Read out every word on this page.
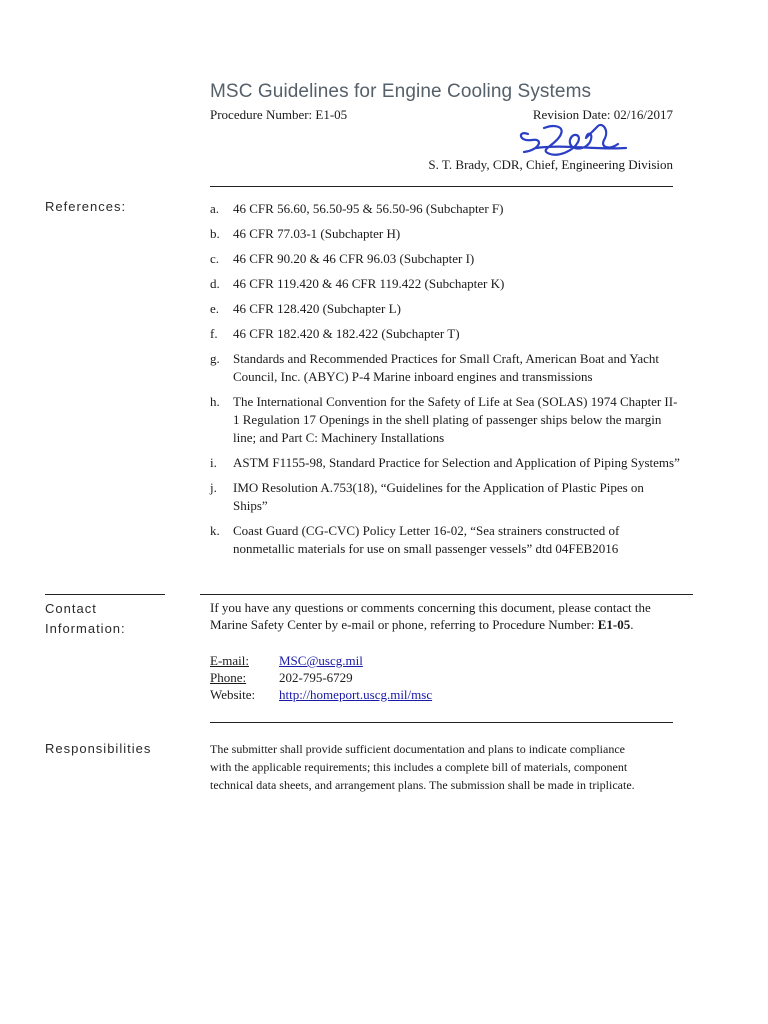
MSC Guidelines for Engine Cooling Systems
Procedure Number: E1-05	Revision Date: 02/16/2017
S. T. Brady, CDR, Chief, Engineering Division
References:	a. 46 CFR 56.60, 56.50-95 & 56.50-96 (Subchapter F)
b. 46 CFR 77.03-1 (Subchapter H)
c. 46 CFR 90.20 & 46 CFR 96.03 (Subchapter I)
d. 46 CFR 119.420 & 46 CFR 119.422 (Subchapter K)
e. 46 CFR 128.420 (Subchapter L)
f. 46 CFR 182.420 & 182.422 (Subchapter T)
g. Standards and Recommended Practices for Small Craft, American Boat and Yacht Council, Inc. (ABYC) P-4 Marine inboard engines and transmissions
h. The International Convention for the Safety of Life at Sea (SOLAS) 1974 Chapter II-1 Regulation 17 Openings in the shell plating of passenger ships below the margin line; and Part C: Machinery Installations
i. ASTM F1155-98, Standard Practice for Selection and Application of Piping Systems”
j. IMO Resolution A.753(18), “Guidelines for the Application of Plastic Pipes on Ships”
k. Coast Guard (CG-CVC) Policy Letter 16-02, “Sea strainers constructed of nonmetallic materials for use on small passenger vessels” dtd 04FEB2016
Contact
Information:
If you have any questions or comments concerning this document, please contact the Marine Safety Center by e-mail or phone, referring to Procedure Number: E1-05.
E-mail:	MSC@uscg.mil
Phone:	202-795-6729
Website:	http://homeport.uscg.mil/msc
Responsibilities	The submitter shall provide sufficient documentation and plans to indicate compliance with the applicable requirements; this includes a complete bill of materials, component technical data sheets, and arrangement plans. The submission shall be made in triplicate.
